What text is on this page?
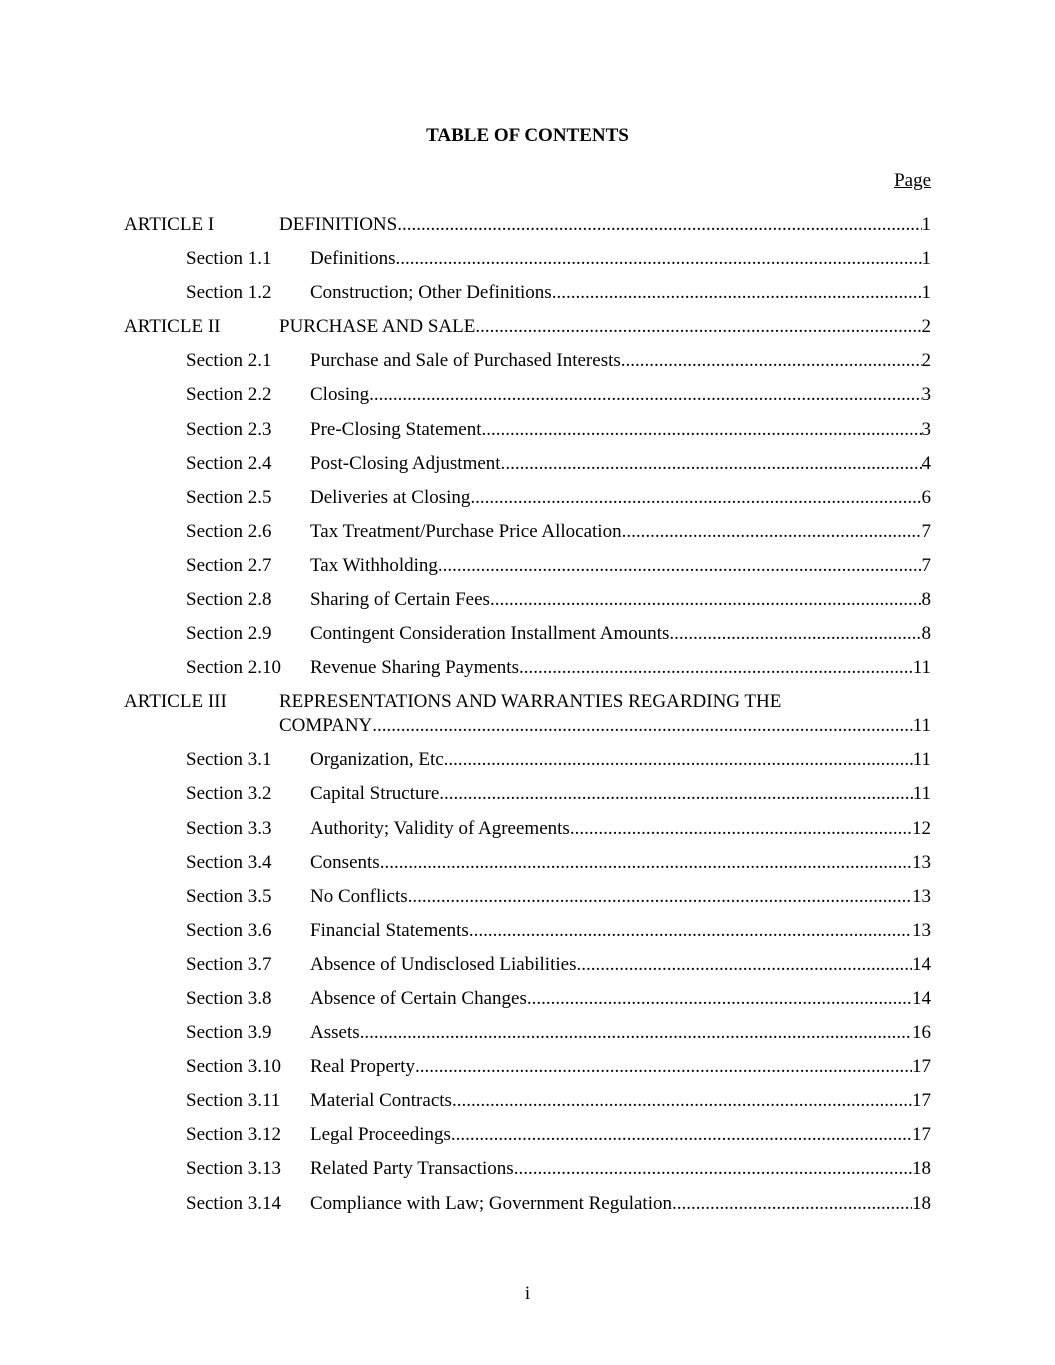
TABLE OF CONTENTS
Page
ARTICLE I	DEFINITIONS .....	1
Section 1.1 Definitions .....	1
Section 1.2 Construction; Other Definitions .....	1
ARTICLE II	PURCHASE AND SALE .....	2
Section 2.1 Purchase and Sale of Purchased Interests .....	2
Section 2.2 Closing .....	3
Section 2.3 Pre-Closing Statement .....	3
Section 2.4 Post-Closing Adjustment. .....	4
Section 2.5 Deliveries at Closing .....	6
Section 2.6 Tax Treatment/Purchase Price Allocation .....	7
Section 2.7 Tax Withholding .....	7
Section 2.8 Sharing of Certain Fees .....	8
Section 2.9 Contingent Consideration Installment Amounts .....	8
Section 2.10 Revenue Sharing Payments .....	11
ARTICLE III	REPRESENTATIONS AND WARRANTIES REGARDING THE
COMPANY .....	11
Section 3.1 Organization, Etc .....	11
Section 3.2 Capital Structure .....	11
Section 3.3 Authority; Validity of Agreements .....	12
Section 3.4 Consents .....	13
Section 3.5 No Conflicts .....	13
Section 3.6 Financial Statements .....	13
Section 3.7 Absence of Undisclosed Liabilities .....	14
Section 3.8 Absence of Certain Changes .....	14
Section 3.9 Assets .....	16
Section 3.10 Real Property .....	17
Section 3.11 Material Contracts .....	17
Section 3.12 Legal Proceedings .....	17
Section 3.13 Related Party Transactions .....	18
Section 3.14 Compliance with Law; Government Regulation .....	18
i
